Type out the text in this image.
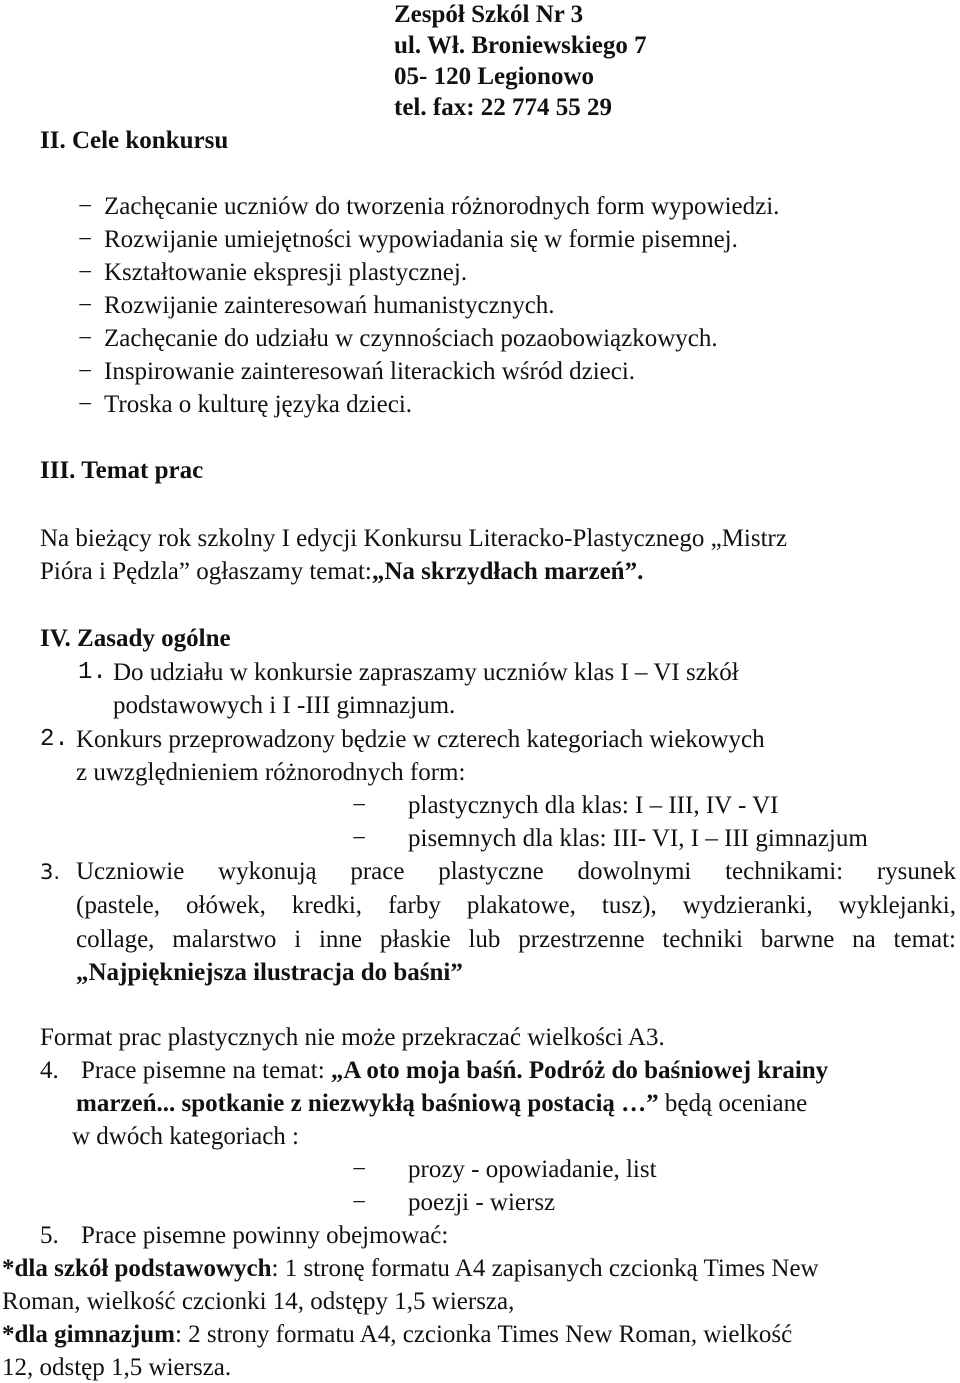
Zespół Szkól Nr 3
ul. Wł. Broniewskiego 7
05- 120 Legionowo
tel. fax: 22 774 55 29
II. Cele konkursu
− Zachęcanie uczniów do tworzenia różnorodnych form wypowiedzi.
− Rozwijanie umiejętności wypowiadania się w formie pisemnej.
− Kształtowanie ekspresji plastycznej.
− Rozwijanie zainteresowań humanistycznych.
− Zachęcanie do udziału w czynnościach pozaobowiązkowych.
− Inspirowanie zainteresowań literackich wśród dzieci.
− Troska o kulturę języka dzieci.
III. Temat prac
Na bieżący rok szkolny I edycji Konkursu Literacko-Plastycznego „Mistrz
Pióra i Pędzla” ogłaszamy temat:„Na skrzydłach marzeń”.
IV. Zasady ogólne
1. Do udziału w konkursie zapraszamy uczniów klas I – VI szkół
podstawowych i I -III gimnazjum.
2. Konkurs przeprowadzony będzie w czterech kategoriach wiekowych
z uwzględnieniem różnorodnych form:
− plastycznych dla klas: I – III, IV - VI
− pisemnych dla klas: III- VI, I – III gimnazjum
3. Uczniowie wykonują prace plastyczne dowolnymi technikami: rysunek
(pastele, ołówek, kredki, farby plakatowe, tusz), wydzieranki, wyklejanki,
collage, malarstwo i inne płaskie lub przestrzenne techniki barwne na temat:
„Najpiękniejsza ilustracja do baśni”
Format prac plastycznych nie może przekraczać wielkości A3.
4. Prace pisemne na temat: „A oto moja baśń. Podróż do baśniowej krainy
marzeń... spotkanie z niezwykłą baśniową postacią …” będą oceniane
w dwóch kategoriach :
− prozy - opowiadanie, list
− poezji - wiersz
5. Prace pisemne powinny obejmować:
*dla szkół podstawowych: 1 stronę formatu A4 zapisanych czcionką Times New
Roman, wielkość czcionki 14, odstępy 1,5 wiersza,
*dla gimnazjum: 2 strony formatu A4, czcionka Times New Roman, wielkość
12, odstęp 1,5 wiersza.
